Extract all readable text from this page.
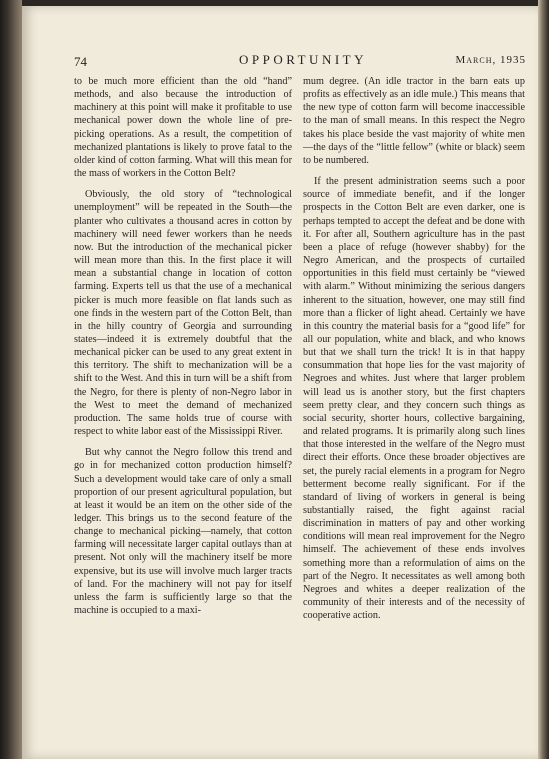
74	OPPORTUNITY	March, 1935

to be much more efficient than the old “hand” methods, and also because the introduction of machinery at this point will make it profitable to use mechanical power down the whole line of pre-picking operations. As a result, the competition of mechanized plantations is likely to prove fatal to the older kind of cotton farming. What will this mean for the mass of workers in the Cotton Belt?

Obviously, the old story of “technological unemployment” will be repeated in the South—the planter who cultivates a thousand acres in cotton by machinery will need fewer workers than he needs now. But the introduction of the mechanical picker will mean more than this. In the first place it will mean a substantial change in location of cotton farming. Experts tell us that the use of a mechanical picker is much more feasible on flat lands such as one finds in the western part of the Cotton Belt, than in the hilly country of Georgia and surrounding states—indeed it is extremely doubtful that the mechanical picker can be used to any great extent in this territory. The shift to mechanization will be a shift to the West. And this in turn will be a shift from the Negro, for there is plenty of non-Negro labor in the West to meet the demand of mechanized production. The same holds true of course with respect to white labor east of the Mississippi River.

But why cannot the Negro follow this trend and go in for mechanized cotton production himself? Such a development would take care of only a small proportion of our present agricultural population, but at least it would be an item on the other side of the ledger. This brings us to the second feature of the change to mechanical picking—namely, that cotton farming will necessitate larger capital outlays than at present. Not only will the machinery itself be more expensive, but its use will involve much larger tracts of land. For the machinery will not pay for itself unless the farm is sufficiently large so that the machine is occupied to a maxi-

mum degree. (An idle tractor in the barn eats up profits as effectively as an idle mule.) This means that the new type of cotton farm will become inaccessible to the man of small means. In this respect the Negro takes his place beside the vast majority of white men—the days of the “little fellow” (white or black) seem to be numbered.

If the present administration seems such a poor source of immediate benefit, and if the longer prospects in the Cotton Belt are even darker, one is perhaps tempted to accept the defeat and be done with it. For after all, Southern agriculture has in the past been a place of refuge (however shabby) for the Negro American, and the prospects of curtailed opportunities in this field must certainly be “viewed with alarm.” Without minimizing the serious dangers inherent to the situation, however, one may still find more than a flicker of light ahead. Certainly we have in this country the material basis for a “good life” for all our population, white and black, and who knows but that we shall turn the trick! It is in that happy consummation that hope lies for the vast majority of Negroes and whites. Just where that larger problem will lead us is another story, but the first chapters seem pretty clear, and they concern such things as social security, shorter hours, collective bargaining, and related programs. It is primarily along such lines that those interested in the welfare of the Negro must direct their efforts. Once these broader objectives are set, the purely racial elements in a program for Negro betterment become really significant. For if the standard of living of workers in general is being substantially raised, the fight against racial discrimination in matters of pay and other working conditions will mean real improvement for the Negro himself. The achievement of these ends involves something more than a reformulation of aims on the part of the Negro. It necessitates as well among both Negroes and whites a deeper realization of the community of their interests and of the necessity of cooperative action.
